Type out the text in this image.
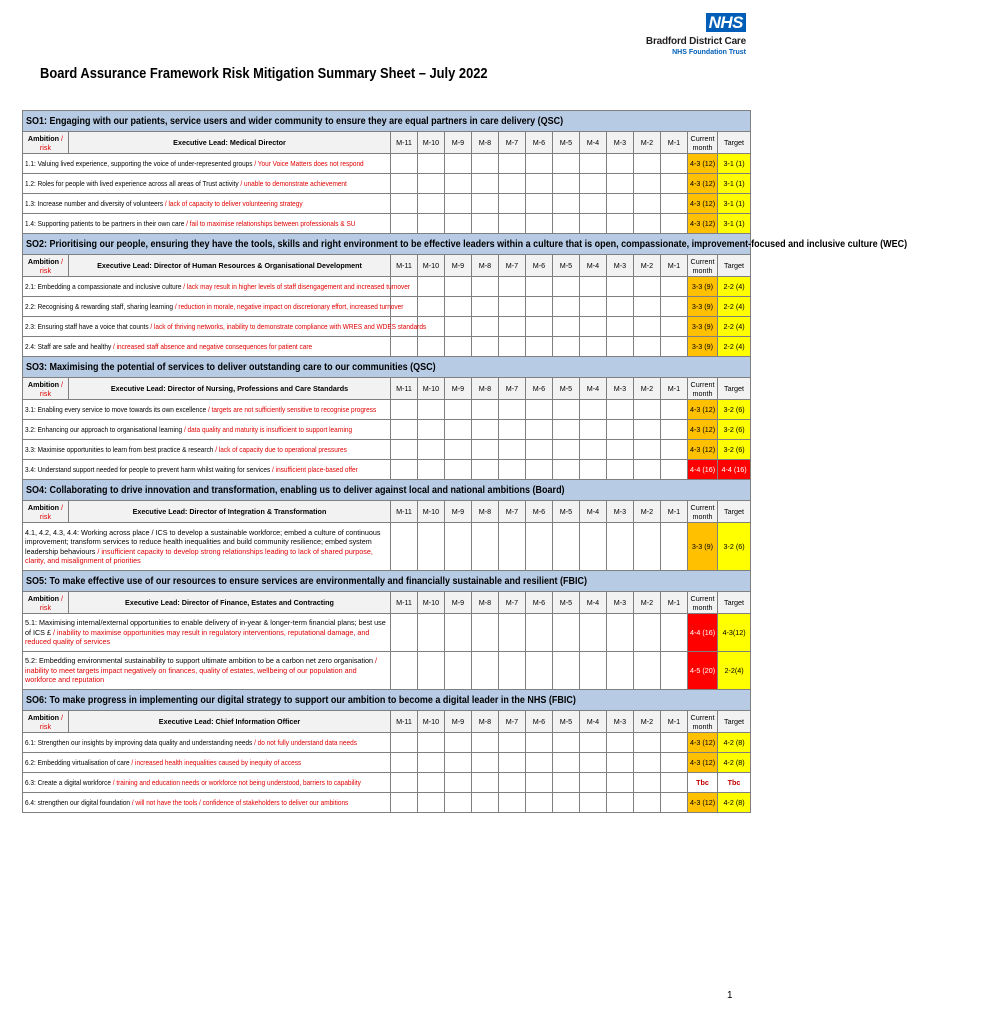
NHS
Bradford District Care
NHS Foundation Trust
Board Assurance Framework Risk Mitigation Summary Sheet – July 2022
SO1: Engaging with our patients, service users and wider community to ensure they are equal partners in care delivery (QSC)														
Ambition / risk	Executive Lead: Medical Director	M-11	M-10	M-9	M-8	M-7	M-6	M-5	M-4	M-3	M-2	M-1	Current month	Target
1.1: Valuing lived experience, supporting the voice of under-represented groups / Your Voice Matters does not respond													4-3 (12)	3-1 (1)
1.2: Roles for people with lived experience across all areas of Trust activity / unable to demonstrate achievement													4-3 (12)	3-1 (1)
1.3: Increase number and diversity of volunteers / lack of capacity to deliver volunteering strategy													4-3 (12)	3-1 (1)
1.4: Supporting patients to be partners in their own care / fail to maximise relationships between professionals & SU													4-3 (12)	3-1 (1)
SO2: Prioritising our people, ensuring they have the tools, skills and right environment to be effective leaders within a culture that is open, compassionate, improvement-focused and inclusive culture (WEC)														
Ambition / risk	Executive Lead: Director of Human Resources & Organisational Development	M-11	M-10	M-9	M-8	M-7	M-6	M-5	M-4	M-3	M-2	M-1	Current month	Target
2.1: Embedding a compassionate and inclusive culture / lack may result in higher levels of staff disengagement and increased turnover													3-3 (9)	2-2 (4)
2.2: Recognising & rewarding staff, sharing learning / reduction in morale, negative impact on discretionary effort, increased turnover													3-3 (9)	2-2 (4)
2.3: Ensuring staff have a voice that counts / lack of thriving networks, inability to demonstrate compliance with WRES and WDES standards													3-3 (9)	2-2 (4)
2.4: Staff are safe and healthy / increased staff absence and negative consequences for patient care													3-3 (9)	2-2 (4)
SO3: Maximising the potential of services to deliver outstanding care to our communities (QSC)														
Ambition / risk	Executive Lead: Director of Nursing, Professions and Care Standards	M-11	M-10	M-9	M-8	M-7	M-6	M-5	M-4	M-3	M-2	M-1	Current month	Target
3.1: Enabling every service to move towards its own excellence / targets are not sufficiently sensitive to recognise progress													4-3 (12)	3-2 (6)
3.2: Enhancing our approach to organisational learning / data quality and maturity is insufficient to support learning													4-3 (12)	3-2 (6)
3.3: Maximise opportunities to learn from best practice & research / lack of capacity due to operational pressures													4-3 (12)	3-2 (6)
3.4: Understand support needed for people to prevent harm whilst waiting for services / insufficient place-based offer													4-4 (16)	4-4 (16)
SO4: Collaborating to drive innovation and transformation, enabling us to deliver against local and national ambitions (Board)														
Ambition / risk	Executive Lead: Director of Integration & Transformation	M-11	M-10	M-9	M-8	M-7	M-6	M-5	M-4	M-3	M-2	M-1	Current month	Target

4.1, 4.2, 4.3, 4.4: Working across place / ICS to develop a sustainable workforce; embed a culture of continuous improvement; transform services to reduce health inequalities and build community resilience; embed system leadership behaviours / insufficient capacity to develop strong relationships leading to lack of shared purpose, clarity, and misalignment of priorities													3-3 (9)	3-2 (6)
SO5: To make effective use of our resources to ensure services are environmentally and financially sustainable and resilient (FBIC)														
Ambition / risk	Executive Lead: Director of Finance, Estates and Contracting	M-11	M-10	M-9	M-8	M-7	M-6	M-5	M-4	M-3	M-2	M-1	Current month	Target

5.1: Maximising internal/external opportunities to enable delivery of in-year & longer-term financial plans; best use of ICS £ / inability to maximise opportunities may result in regulatory interventions, reputational damage, and reduced quality of services													4-4 (16)	4-3(12)

5.2: Embedding environmental sustainability to support ultimate ambition to be a carbon net zero organisation / inability to meet targets impact negatively on finances, quality of estates, wellbeing of our population and workforce and reputation													4-5 (20)	2-2(4)
SO6: To make progress in implementing our digital strategy to support our ambition to become a digital leader in the NHS (FBIC)														
Ambition / risk	Executive Lead: Chief Information Officer	M-11	M-10	M-9	M-8	M-7	M-6	M-5	M-4	M-3	M-2	M-1	Current month	Target
6.1: Strengthen our insights by improving data quality and understanding needs / do not fully understand data needs													4-3 (12)	4-2 (8)
6.2: Embedding virtualisation of care / increased health inequalities caused by inequity of access													4-3 (12)	4-2 (8)
6.3: Create a digital workforce / training and education needs or workforce not being understood, barriers to capability													Tbc	Tbc
6.4: strengthen our digital foundation / will not have the tools / confidence of stakeholders to deliver our ambitions													4-3 (12)	4-2 (8)
1
